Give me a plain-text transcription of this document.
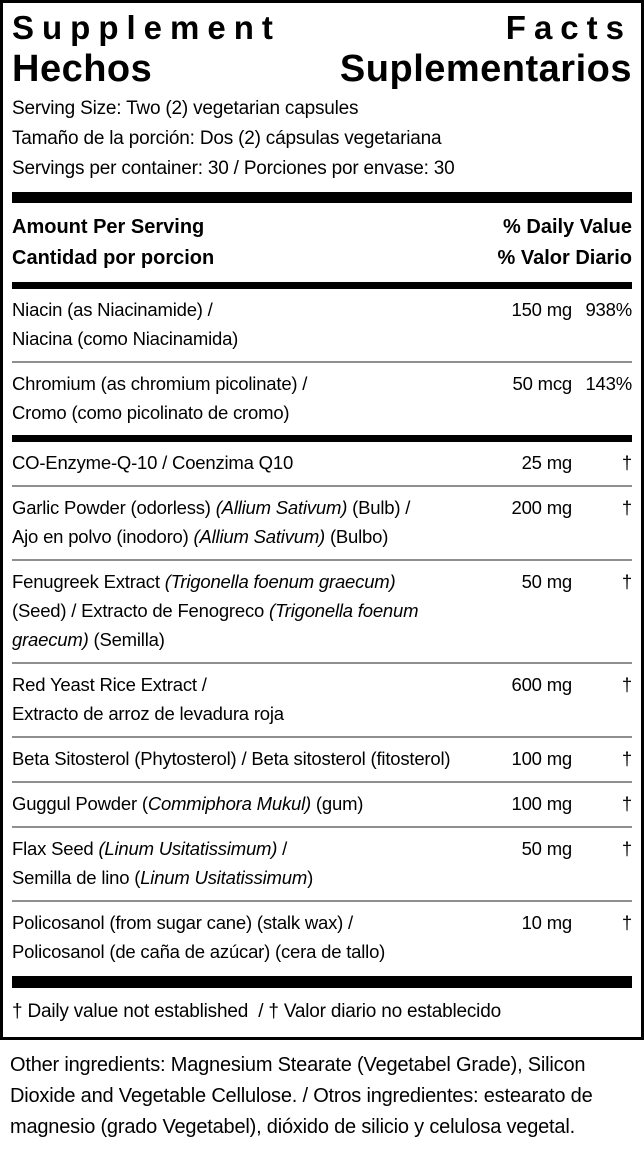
Supplement Facts
Hechos Suplementarios
Serving Size: Two (2) vegetarian capsules
Tamaño de la porción: Dos (2) cápsulas vegetariana
Servings per container: 30 / Porciones por envase: 30
Amount Per Serving
Cantidad por porcion
% Daily Value
% Valor Diario
Niacin (as Niacinamide) /
Niacina (como Niacinamida)
150 mg 938%
Chromium (as chromium picolinate) /
Cromo (como picolinato de cromo)
50 mcg 143%
CO-Enzyme-Q-10 / Coenzima Q10	25 mg	†
Garlic Powder (odorless) (Allium Sativum) (Bulb) /
Ajo en polvo (inodoro) (Allium Sativum) (Bulbo)
200 mg	†
Fenugreek Extract (Trigonella foenum graecum)
(Seed) / Extracto de Fenogreco (Trigonella foenum
graecum) (Semilla)
50 mg	†
Red Yeast Rice Extract /
Extracto de arroz de levadura roja
600 mg	†
Beta Sitosterol (Phytosterol) / Beta sitosterol (fitosterol)	100 mg	†
Guggul Powder (Commiphora Mukul) (gum)	100 mg	†
Flax Seed (Linum Usitatissimum) /
Semilla de lino (Linum Usitatissimum)
50 mg	†
Policosanol (from sugar cane) (stalk wax) /
Policosanol (de caña de azúcar) (cera de tallo)
10 mg	†
† Daily value not established  / † Valor diario no establecido
Other ingredients: Magnesium Stearate (Vegetabel Grade), Silicon Dioxide and Vegetable Cellulose. / Otros ingredientes: estearato de magnesio (grado Vegetabel), dióxido de silicio y celulosa vegetal.
